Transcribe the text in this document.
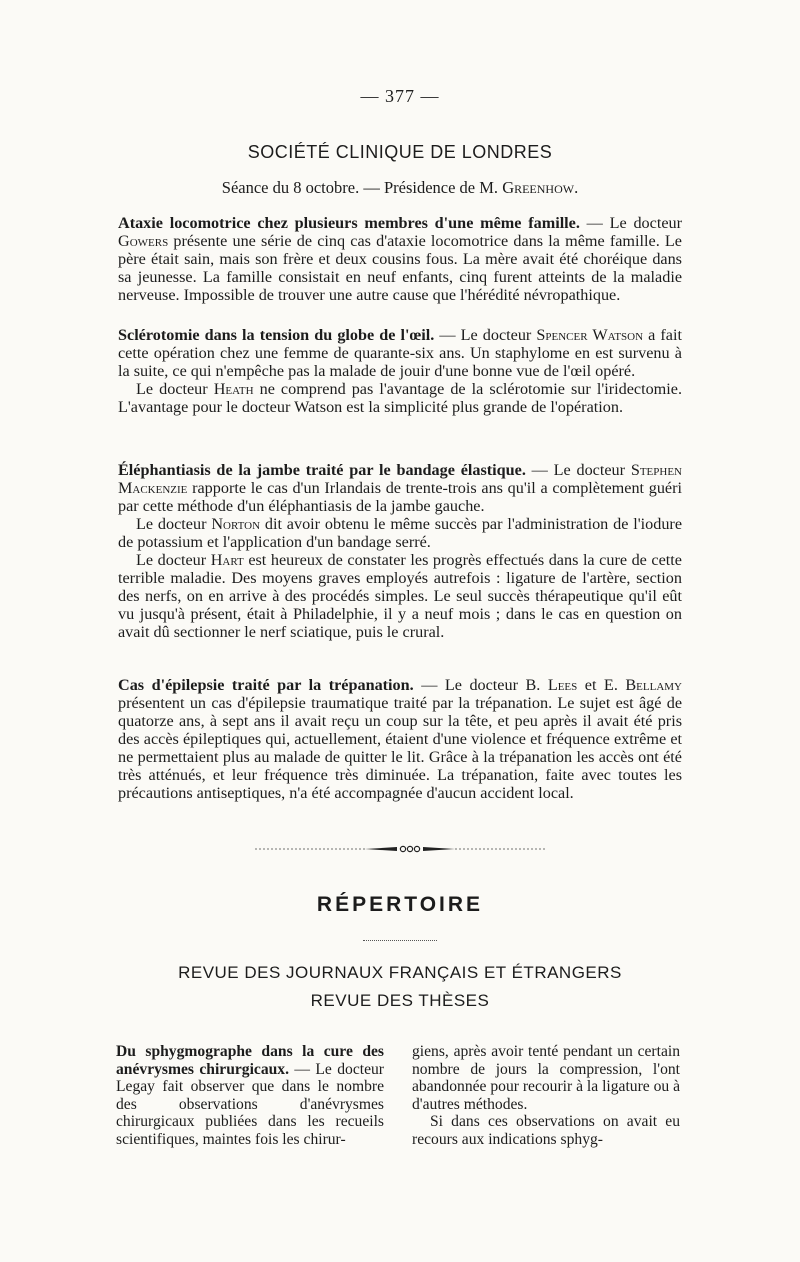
— 377 —
SOCIÉTÉ CLINIQUE DE LONDRES
Séance du 8 octobre. — Présidence de M. Greenhow.

Ataxie locomotrice chez plusieurs membres d'une même famille. — Le docteur Gowers présente une série de cinq cas d'ataxie locomotrice dans la même famille. Le père était sain, mais son frère et deux cousins fous. La mère avait été choréique dans sa jeunesse. La famille consistait en neuf enfants, cinq furent atteints de la maladie nerveuse. Impossible de trouver une autre cause que l'hérédité névropathique.

Sclérotomie dans la tension du globe de l'œil. — Le docteur Spencer Watson a fait cette opération chez une femme de quarante-six ans. Un staphylome en est survenu à la suite, ce qui n'empêche pas la malade de jouir d'une bonne vue de l'œil opéré.

Le docteur Heath ne comprend pas l'avantage de la sclérotomie sur l'iridectomie. L'avantage pour le docteur Watson est la simplicité plus grande de l'opération.

Éléphantiasis de la jambe traité par le bandage élastique. — Le docteur Stephen Mackenzie rapporte le cas d'un Irlandais de trente-trois ans qu'il a complètement guéri par cette méthode d'un éléphantiasis de la jambe gauche.

Le docteur Norton dit avoir obtenu le même succès par l'administration de l'iodure de potassium et l'application d'un bandage serré.

Le docteur Hart est heureux de constater les progrès effectués dans la cure de cette terrible maladie. Des moyens graves employés autrefois : ligature de l'artère, section des nerfs, on en arrive à des procédés simples. Le seul succès thérapeutique qu'il eût vu jusqu'à présent, était à Philadelphie, il y a neuf mois ; dans le cas en question on avait dû sectionner le nerf sciatique, puis le crural.

Cas d'épilepsie traité par la trépanation. — Le docteur B. Lees et E. Bellamy présentent un cas d'épilepsie traumatique traité par la trépanation. Le sujet est âgé de quatorze ans, à sept ans il avait reçu un coup sur la tête, et peu après il avait été pris des accès épileptiques qui, actuellement, étaient d'une violence et fréquence extrême et ne permettaient plus au malade de quitter le lit. Grâce à la trépanation les accès ont été très atténués, et leur fréquence très diminuée. La trépanation, faite avec toutes les précautions antiseptiques, n'a été accompagnée d'aucun accident local.

RÉPERTOIRE
REVUE DES JOURNAUX FRANÇAIS ET ÉTRANGERS
REVUE DES THÈSES

Du sphygmographe dans la cure des anévrysmes chirurgicaux. — Le docteur Legay fait observer que dans le nombre des observations d'anévrysmes chirurgicaux publiées dans les recueils scientifiques, maintes fois les chirur-

giens, après avoir tenté pendant un certain nombre de jours la compression, l'ont abandonnée pour recourir à la ligature ou à d'autres méthodes.

Si dans ces observations on avait eu recours aux indications sphyg-
